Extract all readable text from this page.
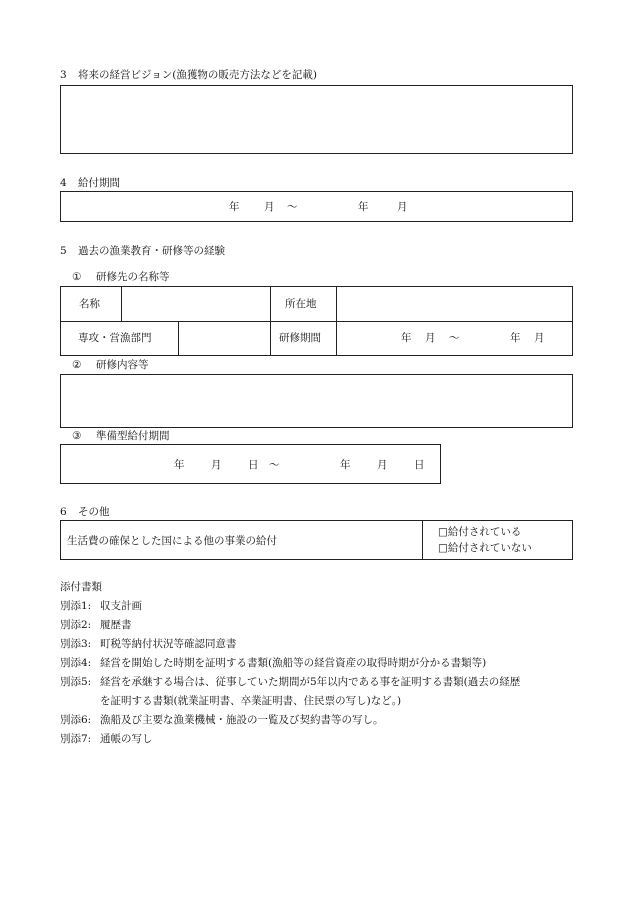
3 将来の経営ビジョン(漁獲物の販売方法などを記載)
4 給付期間
年 月 〜	年	月
5 過去の漁業教育・研修等の経験
① 研修先の名称等
名称	所在地
専攻・営漁部門	研修期間	年 月 〜	年 月
② 研修内容等
③ 準備型給付期間
年	月	日 〜	年	月	日
6 その他
生活費の確保とした国による他の事業の給付
□給付されている
□給付されていない
添付書類
別添1: 収支計画
別添2: 履歴書
別添3: 町税等納付状況等確認同意書
別添4: 経営を開始した時期を証明する書類(漁船等の経営資産の取得時期が分かる書類等)
別添5: 経営を承継する場合は、従事していた期間が5年以内である事を証明する書類(過去の経歴
を証明する書類(就業証明書、卒業証明書、住民票の写し)など。)
別添6: 漁船及び主要な漁業機械・施設の一覧及び契約書等の写し。
別添7: 通帳の写し
